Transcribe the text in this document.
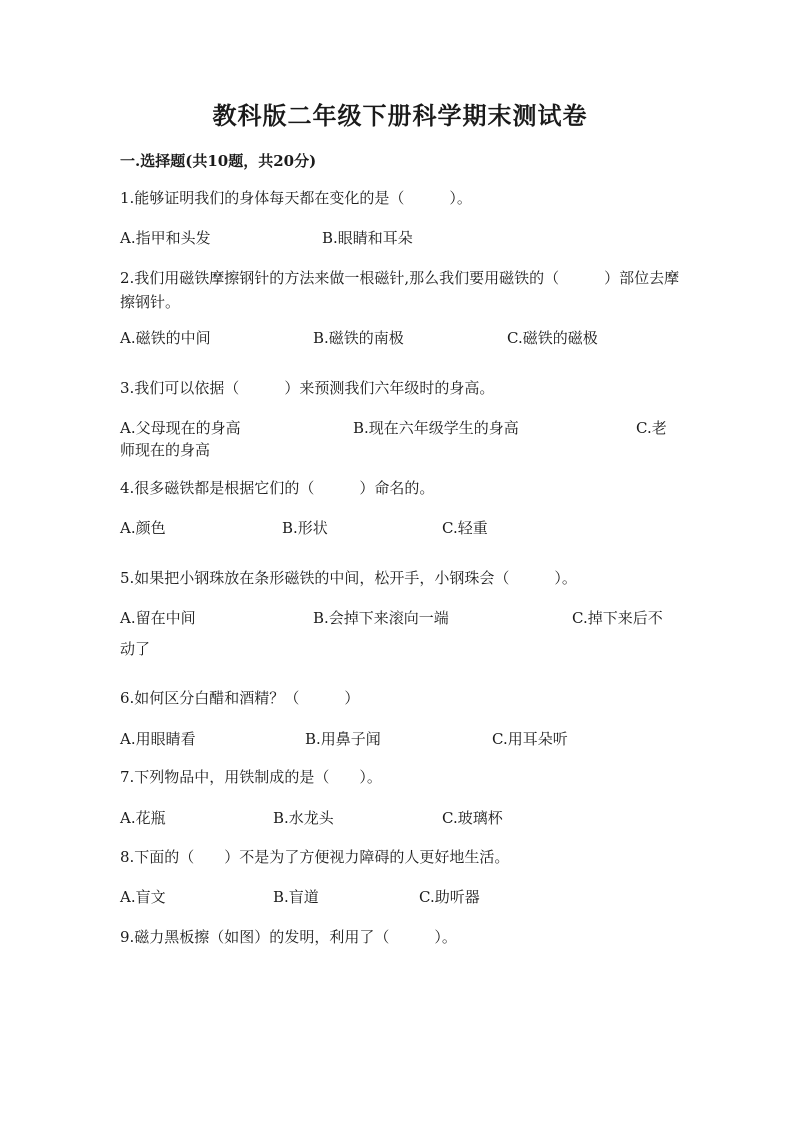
教科版二年级下册科学期末测试卷
一.选择题(共10题，共20分)
1.能够证明我们的身体每天都在变化的是（　　　）。
A.指甲和头发	B.眼睛和耳朵
2.我们用磁铁摩擦钢针的方法来做一根磁针,那么我们要用磁铁的（　　　）部位去摩擦钢针。
A.磁铁的中间	B.磁铁的南极	C.磁铁的磁极
3.我们可以依据（　　　）来预测我们六年级时的身高。
A.父母现在的身高	B.现在六年级学生的身高	C.老
师现在的身高
4.很多磁铁都是根据它们的（　　　）命名的。
A.颜色	B.形状	C.轻重
5.如果把小钢珠放在条形磁铁的中间，松开手，小钢珠会（　　　）。
A.留在中间	B.会掉下来滚向一端	C.掉下来后不
动了
6.如何区分白醋和酒精？（　　　）
A.用眼睛看	B.用鼻子闻	C.用耳朵听
7.下列物品中，用铁制成的是（　　）。
A.花瓶	B.水龙头	C.玻璃杯
8.下面的（　　）不是为了方便视力障碍的人更好地生活。
A.盲文	B.盲道	C.助听器
9.磁力黑板擦（如图）的发明，利用了（　　　）。
